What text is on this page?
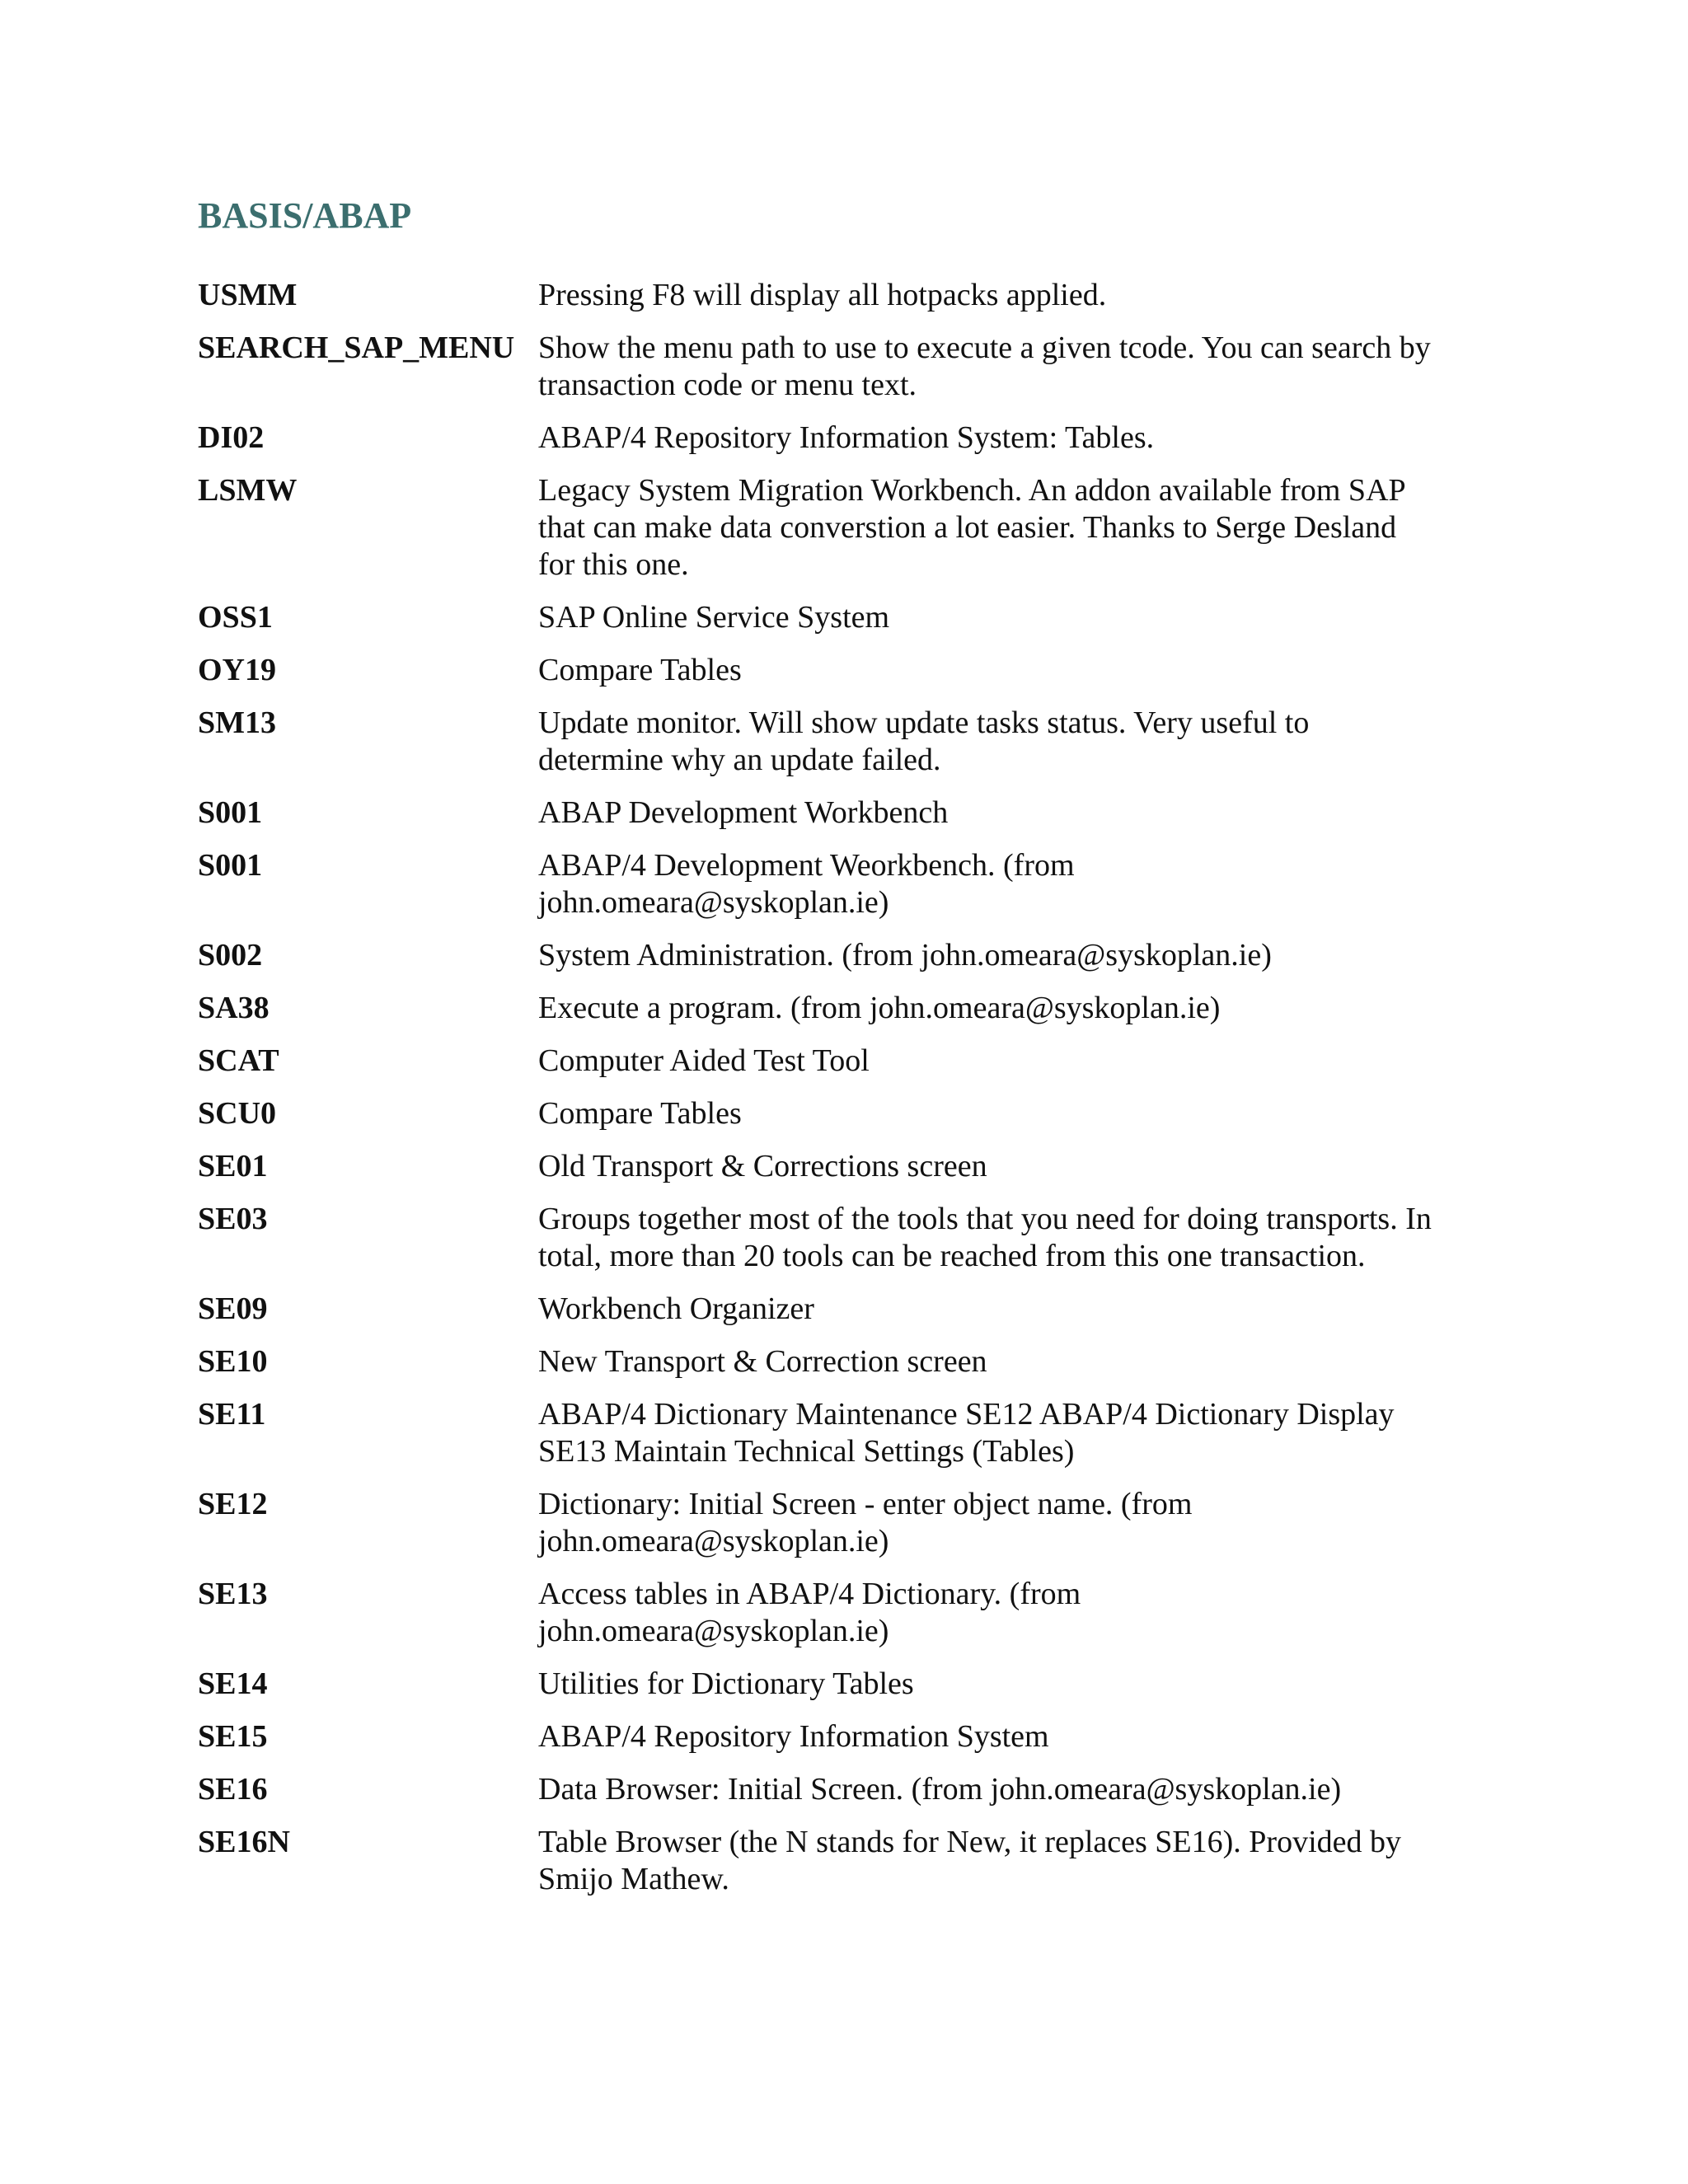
BASIS/ABAP
USMM	Pressing F8 will display all hotpacks applied.
SEARCH_SAP_MENU Show the menu path to use to execute a given tcode. You can search by
transaction code or menu text.
DI02	ABAP/4 Repository Information System: Tables.
LSMW	Legacy System Migration Workbench. An addon available from SAP
that can make data converstion a lot easier. Thanks to Serge Desland
for this one.
OSS1	SAP Online Service System
OY19	Compare Tables
SM13	Update monitor. Will show update tasks status. Very useful to
determine why an update failed.
S001	ABAP Development Workbench
S001	ABAP/4 Development Weorkbench. (from
john.omeara@syskoplan.ie)
S002	System Administration. (from john.omeara@syskoplan.ie)
SA38	Execute a program. (from john.omeara@syskoplan.ie)
SCAT	Computer Aided Test Tool
SCU0	Compare Tables
SE01	Old Transport & Corrections screen
SE03	Groups together most of the tools that you need for doing transports. In
total, more than 20 tools can be reached from this one transaction.
SE09	Workbench Organizer
SE10	New Transport & Correction screen
SE11	ABAP/4 Dictionary Maintenance SE12 ABAP/4 Dictionary Display
SE13 Maintain Technical Settings (Tables)
SE12	Dictionary: Initial Screen - enter object name. (from
john.omeara@syskoplan.ie)
SE13	Access tables in ABAP/4 Dictionary. (from
john.omeara@syskoplan.ie)
SE14	Utilities for Dictionary Tables
SE15	ABAP/4 Repository Information System
SE16	Data Browser: Initial Screen. (from john.omeara@syskoplan.ie)
SE16N	Table Browser (the N stands for New, it replaces SE16). Provided by
Smijo Mathew.
